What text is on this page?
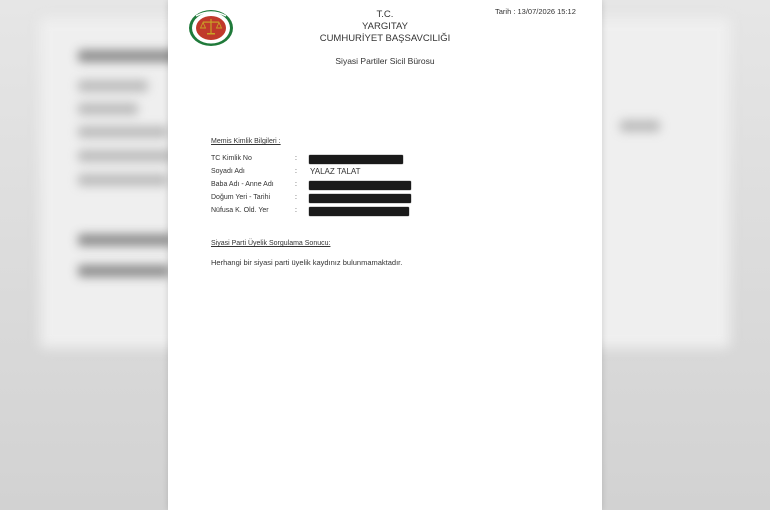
T.C.
YARGITAY
CUMHURİYET BAŞSAVCILIĞI
Tarih : 13/07/2026 15:12
Siyasi Partiler Sicil Bürosu
Memis Kimlik Bilgileri :
TC Kimlik No	:
Soyadı Adı	: YALAZ TALAT
Baba Adı - Anne Adı	:
Doğum Yeri - Tarihi	:
Nüfusa K. Old. Yer	:
Siyasi Parti Üyelik Sorgulama Sonucu:
Herhangi bir siyasi parti üyelik kaydınız bulunmamaktadır.
